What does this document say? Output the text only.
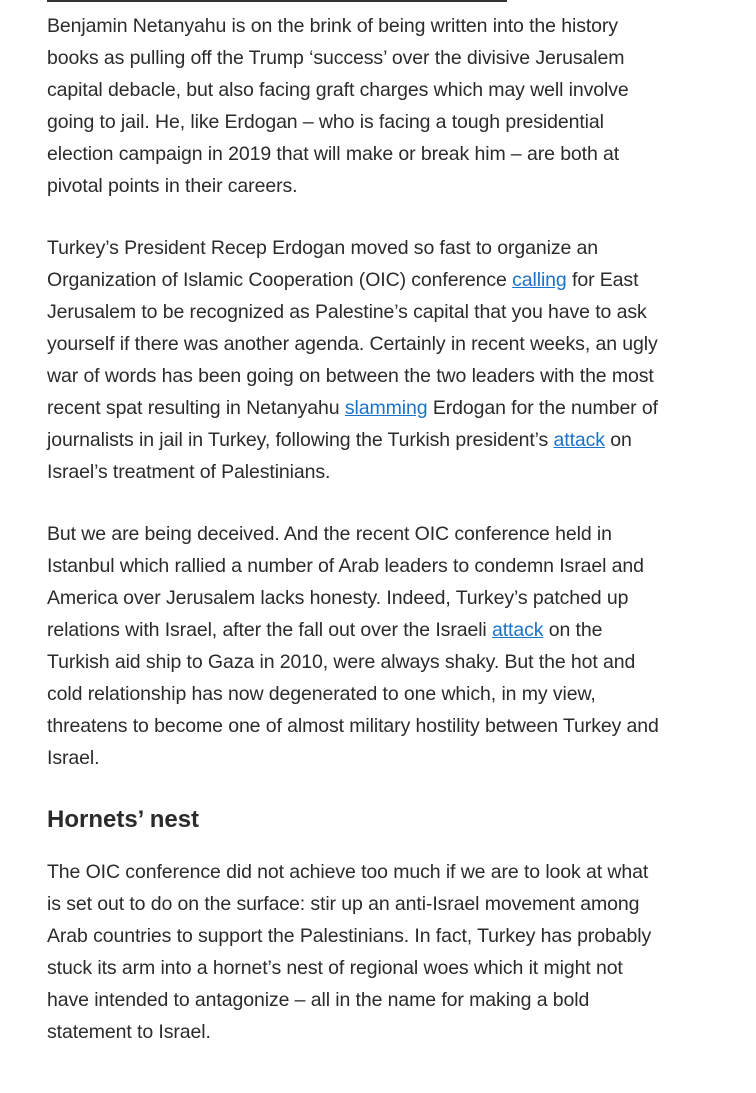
Benjamin Netanyahu is on the brink of being written into the history books as pulling off the Trump ‘success’ over the divisive Jerusalem capital debacle, but also facing graft charges which may well involve going to jail. He, like Erdogan – who is facing a tough presidential election campaign in 2019 that will make or break him – are both at pivotal points in their careers.

Turkey’s President Recep Erdogan moved so fast to organize an Organization of Islamic Cooperation (OIC) conference calling for East Jerusalem to be recognized as Palestine’s capital that you have to ask yourself if there was another agenda. Certainly in recent weeks, an ugly war of words has been going on between the two leaders with the most recent spat resulting in Netanyahu slamming Erdogan for the number of journalists in jail in Turkey, following the Turkish president’s attack on Israel’s treatment of Palestinians.

But we are being deceived. And the recent OIC conference held in Istanbul which rallied a number of Arab leaders to condemn Israel and America over Jerusalem lacks honesty. Indeed, Turkey’s patched up relations with Israel, after the fall out over the Israeli attack on the Turkish aid ship to Gaza in 2010, were always shaky. But the hot and cold relationship has now degenerated to one which, in my view, threatens to become one of almost military hostility between Turkey and Israel.

Hornets’ nest

The OIC conference did not achieve too much if we are to look at what is set out to do on the surface: stir up an anti-Israel movement among Arab countries to support the Palestinians. In fact, Turkey has probably stuck its arm into a hornet’s nest of regional woes which it might not have intended to antagonize – all in the name for making a bold statement to Israel.
